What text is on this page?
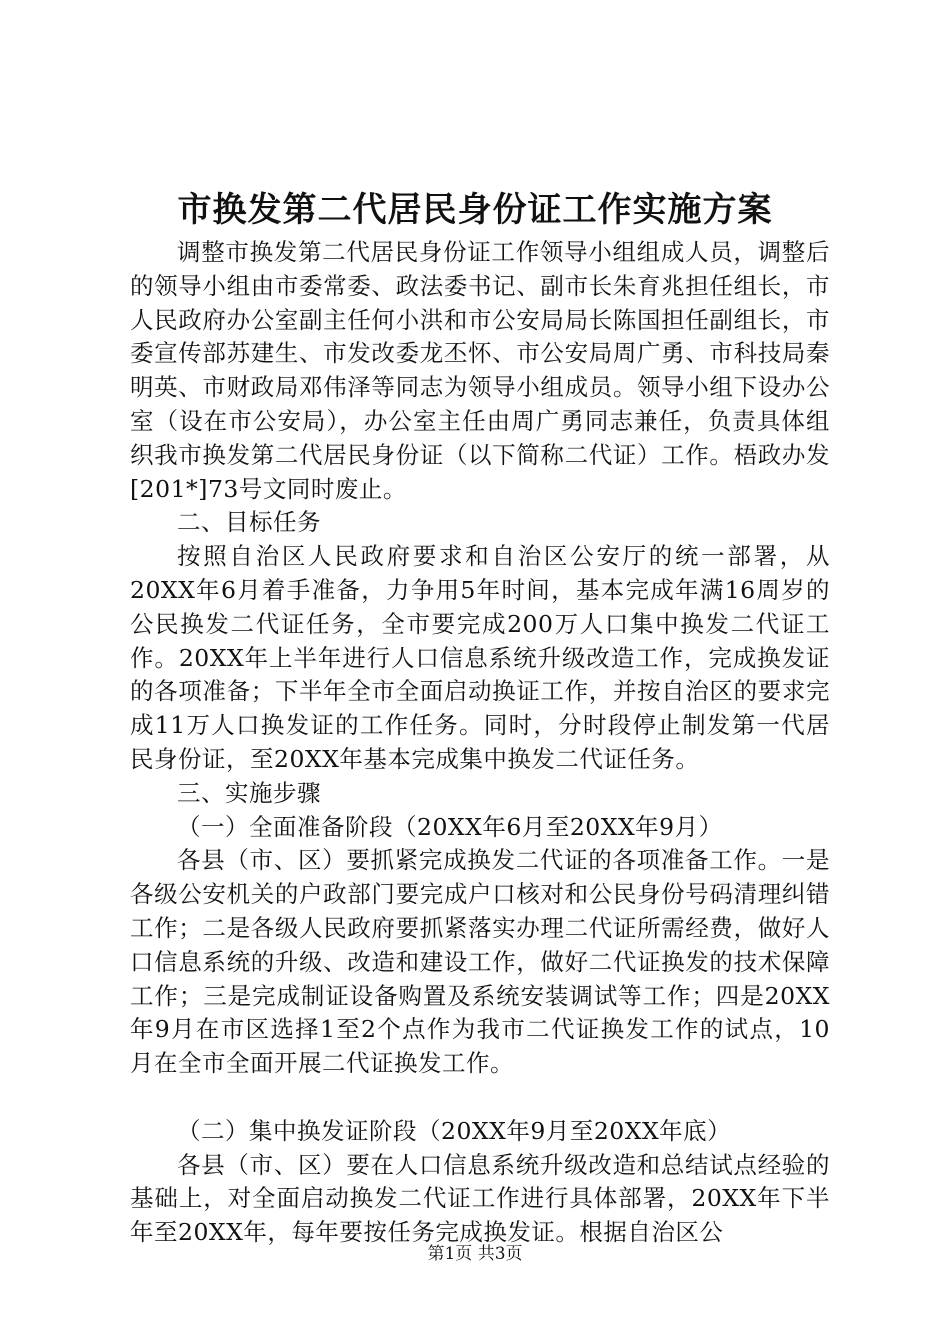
市换发第二代居民身份证工作实施方案

调整市换发第二代居民身份证工作领导小组组成人员，调整后的领导小组由市委常委、政法委书记、副市长朱育兆担任组长，市人民政府办公室副主任何小洪和市公安局局长陈国担任副组长，市委宣传部苏建生、市发改委龙丕怀、市公安局周广勇、市科技局秦明英、市财政局邓伟泽等同志为领导小组成员。领导小组下设办公室（设在市公安局），办公室主任由周广勇同志兼任，负责具体组织我市换发第二代居民身份证（以下简称二代证）工作。梧政办发[201*]73号文同时废止。

二、目标任务

按照自治区人民政府要求和自治区公安厅的统一部署，从20XX年6月着手准备，力争用5年时间，基本完成年满16周岁的公民换发二代证任务，全市要完成200万人口集中换发二代证工作。20XX年上半年进行人口信息系统升级改造工作，完成换发证的各项准备；下半年全市全面启动换证工作，并按自治区的要求完成11万人口换发证的工作任务。同时，分时段停止制发第一代居民身份证，至20XX年基本完成集中换发二代证任务。

三、实施步骤

（一）全面准备阶段（20XX年6月至20XX年9月）

各县（市、区）要抓紧完成换发二代证的各项准备工作。一是各级公安机关的户政部门要完成户口核对和公民身份号码清理纠错工作；二是各级人民政府要抓紧落实办理二代证所需经费，做好人口信息系统的升级、改造和建设工作，做好二代证换发的技术保障工作；三是完成制证设备购置及系统安装调试等工作；四是20XX年9月在市区选择1至2个点作为我市二代证换发工作的试点，10月在全市全面开展二代证换发工作。

（二）集中换发证阶段（20XX年9月至20XX年底）

各县（市、区）要在人口信息系统升级改造和总结试点经验的基础上，对全面启动换发二代证工作进行具体部署，20XX年下半年至20XX年，每年要按任务完成换发证。根据自治区公

第1页 共3页
